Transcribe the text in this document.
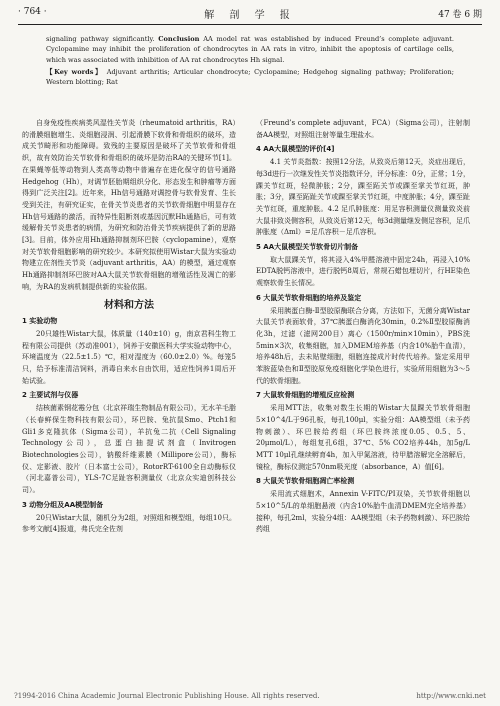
· 764 ·	解 剖 学 报	47 卷 6 期
signaling pathway significantly. Conclusion AA model rat was established by induced Freund’s complete adjuvant. Cyclopamine may inhibit the proliferation of chondrocytes in AA rats in vitro, inhibit the apoptosis of cartilage cells, which was associated with inhibition of AA rat chondrocytes Hh signal.
【Key words】 Adjuvant arthritis; Articular chondrocyte; Cyclopamine; Hedgehog signaling pathway; Proliferation; Western blotting; Rat

自身免疫性疾病类风湿性关节炎（rheumatoid arthritis，RA）的滑膜细胞增生、炎细胞浸润、引起滑膜下软骨和骨组织的破坏，造成关节畸形和功能障碍。致残的主要原因是破坏了关节软骨和骨组织，故有效防治关节软骨和骨组织的破坏是防治RA的关键环节[1]。在果蝇等低等动物到人类高等动物中普遍存在进化保守的信号通路Hedgehog（Hh），对调节胚胎期组织分化、形态发生和肿瘤等方面得到广泛关注[2]。近年来，Hh信号通路对调控骨与软骨发育、生长受到关注，有研究证实，在骨关节炎患者的关节软骨细胞中明显存在Hh信号通路的激活，而特异性阻断剂或基因沉默Hh通路后，可有效缓解骨关节炎患者的病情，为研究和防治骨关节疾病提供了新的思路[3]。目前，体外应用Hh通路抑制剂环巴胺（cyclopamine），观察对关节软骨细胞影响的研究较少。本研究拟使用Wistar大鼠为实验动物建立佐剂性关节炎（adjuvant arthritis，AA）的模型，通过观察Hh通路抑制剂环巴胺对AA大鼠关节软骨细胞的增殖活性及凋亡的影响，为RA的发病机制提供新的实验依据。

材料和方法
1 实验动物

20只雄性Wistar大鼠，体质量（140±10）g，南京君科生物工程有限公司提供（苏动准001），饲养于安徽医科大学实验动物中心，环境温度为（22.5±1.5）℃，相对湿度为（60.0±2.0）%。每笼5只，给予标准清洁饲料，消毒自来水自由饮用，适应性饲养1周后开始试验。

2 主要试剂与仪器

结核菌素钢花霉分包（北京祥瑞生物制品有限公司），无水羊毛脂（长春鲜保生物科技有限公司），环巴胺、兔抗鼠Smo、Ptch1和Gli1多克隆抗体（Sigma公司），羊抗兔二抗（Cell Signaling Technology公司），总蛋白抽提试剂盒（Invitrogen Biotechnologies公司），钠酸纤维素膜（Millipore公司），酶标仪、定影液、胶片（日本富士公司），RotorRT-6100全自动酶标仪（河北嘉普公司），YLS-7C足趾容积测量仪（北京众实迪创科技公司）。

3 动物分组及AA模型制备

20只Wistar大鼠，随机分为2组，对照组和模型组，每组10只。参考文献[4]报道，弗氏完全佐剂

（Freund’s complete adjuvant，FCA）（Sigma公司），注射制备AA模型，对照组注射等量生理盐水。

4 AA大鼠模型的评价[4]

4.1 关节炎指数：按照12分法，从致炎后第12天，炎症出现后，每3d进行一次继发性关节炎指数评分，评分标准：0分，正常；1分，踝关节红斑，轻微肿胀；2分，踝至跖关节或踝至掌关节红斑，肿胀；3分，踝至跖趾关节或踝至掌关节红斑，中度肿胀；4分，踝至趾关节红斑，重度肿胀。4.2 足爪肿胀度：用足容积测量仪测量致炎前大鼠非致炎侧容积，从致炎后第12天，每3d测量继发侧足容积，足爪肿胀度（Δml）=足爪容积－足爪容积。

5 AA大鼠模型关节软骨切片制备

取大鼠踝关节，将其浸入4%甲醛溶液中固定24h，再浸入10% EDTA脱钙溶液中，进行脱钙8周后，常规石蜡包埋切片，行HE染色观察软骨生长情况。

6 大鼠关节软骨细胞的培养及鉴定

采用胰蛋白酶-Ⅱ型胶原酶联合分离，方法如下，无菌分离Wistar大鼠关节表面软骨，37℃胰蛋白酶消化30min，0.2%Ⅱ型胶原酶消化3h，过滤（滤网200目）离心（1500r/min×10min），PBS洗5min×3次，收集细胞，加入DMEM培养基（内含10%胎牛血清），培养48h后，去未贴壁细胞，细胞连接成片时传代培养。鉴定采用甲苯胺蓝染色和Ⅱ型胶原免疫细胞化学染色进行，实验所用细胞为3～5代的软骨细胞。

7 大鼠软骨细胞的增殖反应检测

采用MTT法，收集对数生长期的Wistar大鼠踝关节软骨细胞5×10^4/L于96孔板，每孔100μl，实验分组：AA模型组（未予药物刺激）、环巴胺给药组（环巴胺终浓度0.05、0.5、5、20μmol/L），每组复孔6组，37℃、5% CO2培养44h，加5g/L MTT 10μl孔继续孵育4h，加入甲氮溶液，待甲腊溶解完全溶解后，镜检，酶标仪测定570nm吸光度（absorbance，A）值[6]。

8 大鼠关节软骨细胞凋亡率检测

采用流式细胞术，Annexin V-FITC/PI双染，关节软骨细胞以5×10^5/L的单细胞悬液（内含10%胎牛血清DMEM完全培养基）接种，每孔2ml，实验分4组：AA模型组（未予药物刺激）、环巴胺给药组

?1994-2016 China Academic Journal Electronic Publishing House. All rights reserved.	http://www.cnki.net
